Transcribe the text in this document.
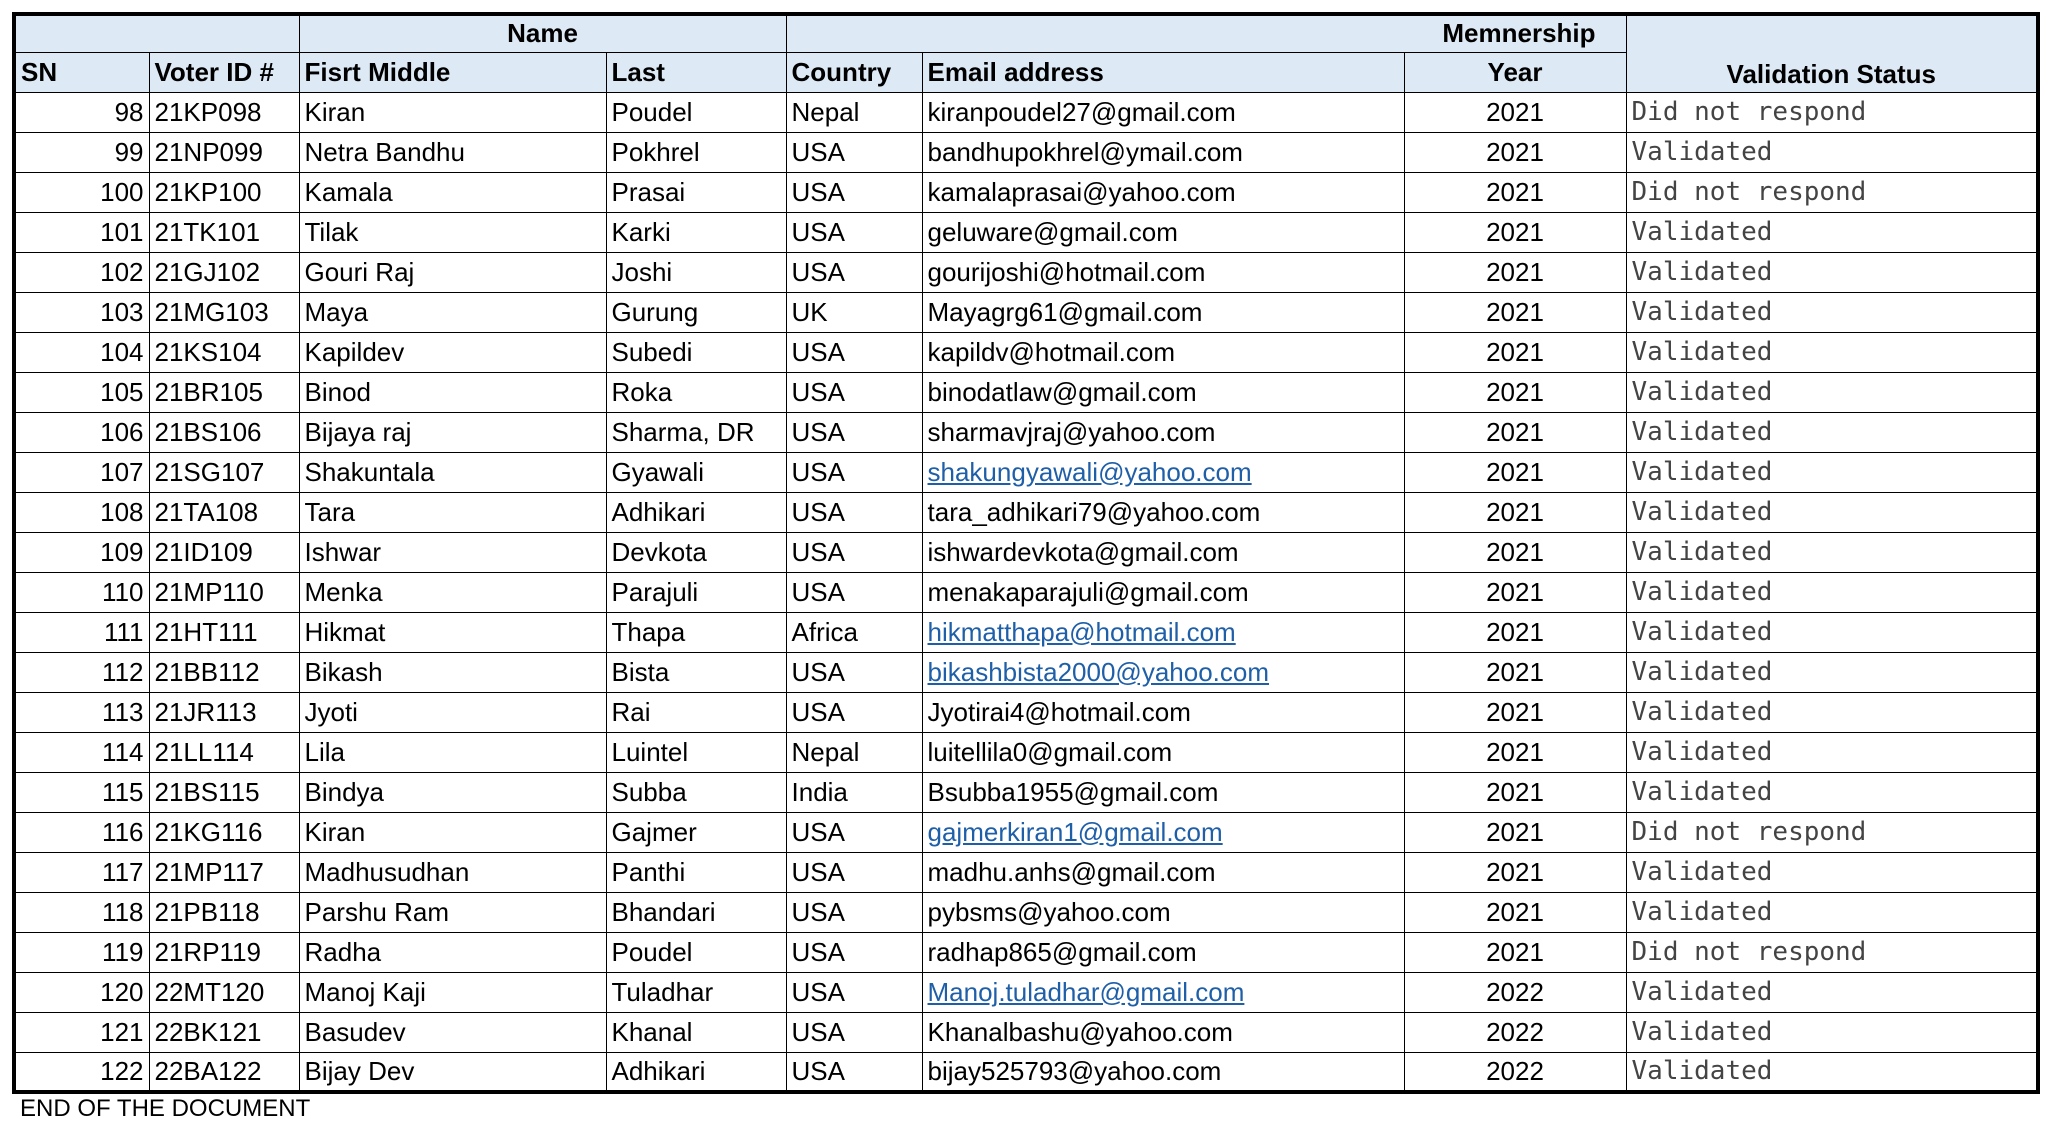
		Name		Memnership			Validation Status
SN	Voter ID #	Fisrt Middle	Last	Country	Email address	Year	
98	21KP098	Kiran	Poudel	Nepal	kiranpoudel27@gmail.com	2021	Did not respond
99	21NP099	Netra Bandhu	Pokhrel	USA	bandhupokhrel@ymail.com	2021	Validated
100	21KP100	Kamala	Prasai	USA	kamalaprasai@yahoo.com	2021	Did not respond
101	21TK101	Tilak	Karki	USA	geluware@gmail.com	2021	Validated
102	21GJ102	Gouri Raj	Joshi	USA	gourijoshi@hotmail.com	2021	Validated
103	21MG103	Maya	Gurung	UK	Mayagrg61@gmail.com	2021	Validated
104	21KS104	Kapildev	Subedi	USA	kapildv@hotmail.com	2021	Validated
105	21BR105	Binod	Roka	USA	binodatlaw@gmail.com	2021	Validated
106	21BS106	Bijaya raj	Sharma, DR	USA	sharmavjraj@yahoo.com	2021	Validated
107	21SG107	Shakuntala	Gyawali	USA	shakungyawali@yahoo.com	2021	Validated
108	21TA108	Tara	Adhikari	USA	tara_adhikari79@yahoo.com	2021	Validated
109	21ID109	Ishwar	Devkota	USA	ishwardevkota@gmail.com	2021	Validated
110	21MP110	Menka	Parajuli	USA	menakaparajuli@gmail.com	2021	Validated
111	21HT111	Hikmat	Thapa	Africa	hikmatthapa@hotmail.com	2021	Validated
112	21BB112	Bikash	Bista	USA	bikashbista2000@yahoo.com	2021	Validated
113	21JR113	Jyoti	Rai	USA	Jyotirai4@hotmail.com	2021	Validated
114	21LL114	Lila	Luintel	Nepal	luitellila0@gmail.com	2021	Validated
115	21BS115	Bindya	Subba	India	Bsubba1955@gmail.com	2021	Validated
116	21KG116	Kiran	Gajmer	USA	gajmerkiran1@gmail.com	2021	Did not respond
117	21MP117	Madhusudhan	Panthi	USA	madhu.anhs@gmail.com	2021	Validated
118	21PB118	Parshu Ram	Bhandari	USA	pybsms@yahoo.com	2021	Validated
119	21RP119	Radha	Poudel	USA	radhap865@gmail.com	2021	Did not respond
120	22MT120	Manoj Kaji	Tuladhar	USA	Manoj.tuladhar@gmail.com	2022	Validated
121	22BK121	Basudev	Khanal	USA	Khanalbashu@yahoo.com	2022	Validated
122	22BA122	Bijay Dev	Adhikari	USA	bijay525793@yahoo.com	2022	Validated
END OF THE DOCUMENT
